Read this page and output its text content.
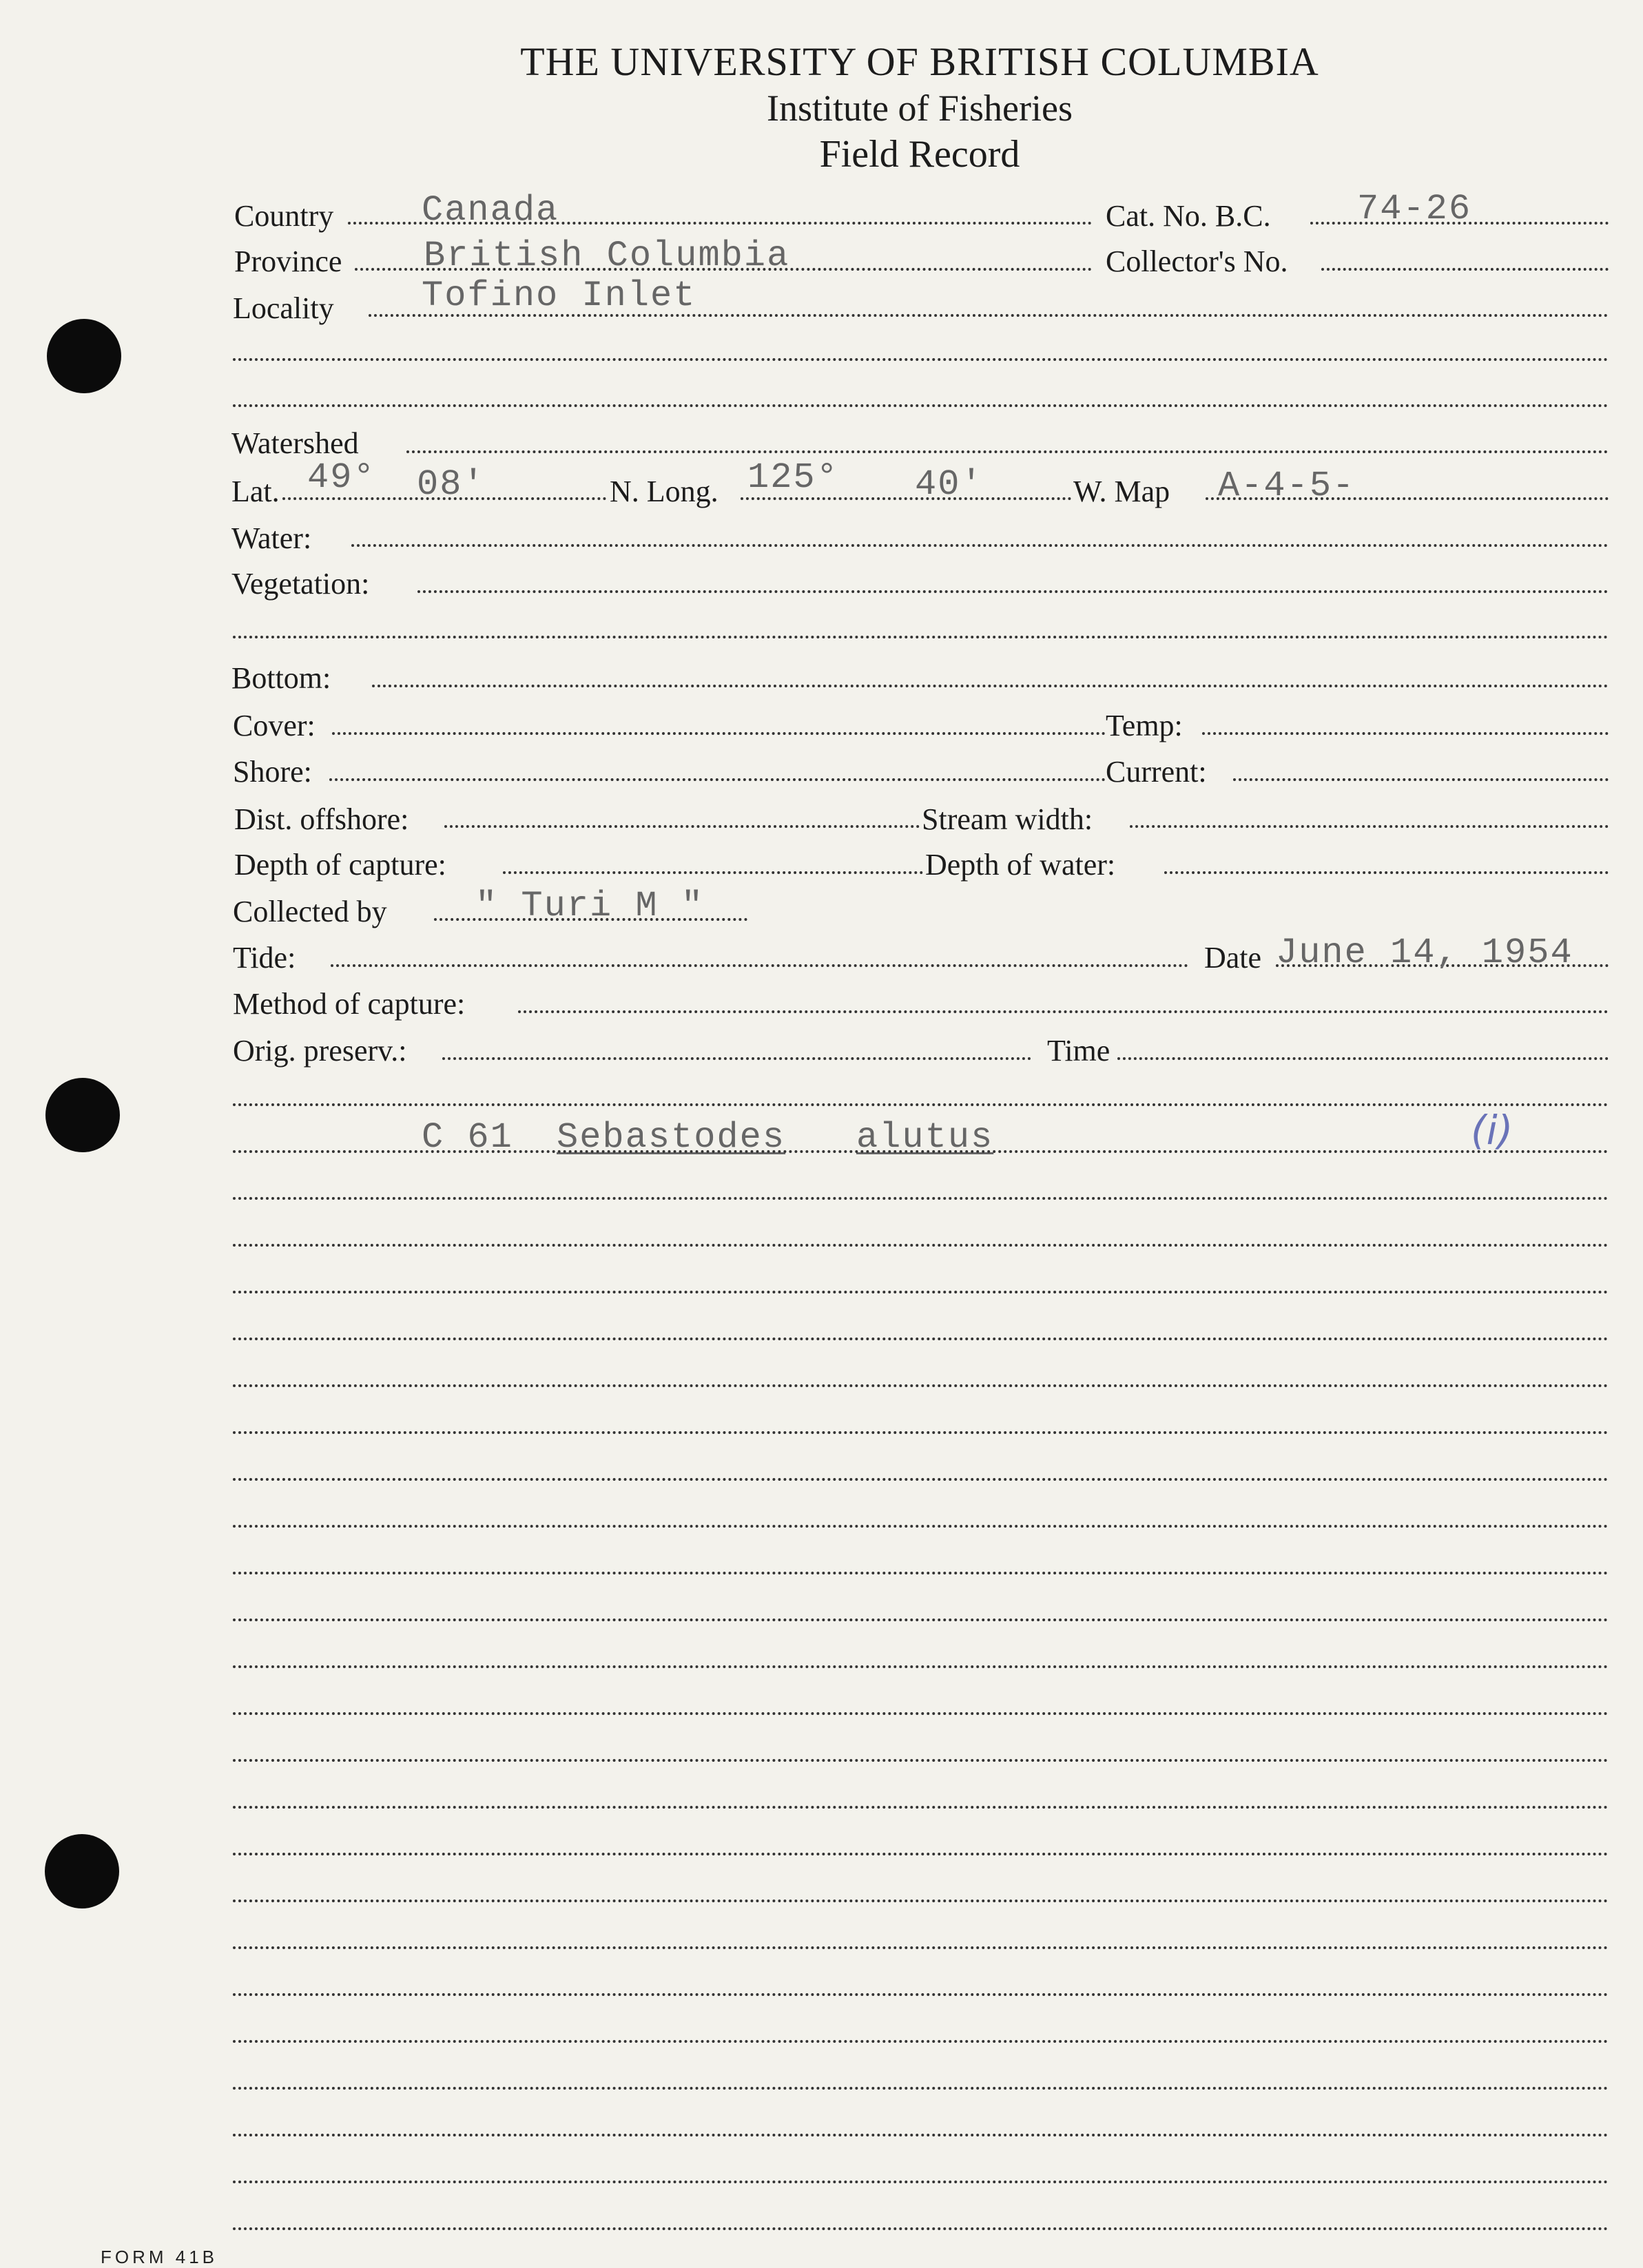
THE UNIVERSITY OF BRITISH COLUMBIA
Institute of Fisheries
Field Record
Country Canada	Cat. No. B.C. 74-26
Province British Columbia	Collector's No.
Locality Tofino Inlet
Watershed
Lat. 49° 08'	N. Long. 125° 40'	W. Map A-4-5-
Water:
Vegetation:
Bottom:
Cover:	Temp:
Shore:	Current:
Dist. offshore:	Stream width:
Depth of capture:	Depth of water:
Collected by " Turi M "
Tide:	Date June 14, 1954
Method of capture:
Orig. preserv.:	Time
C 61 Sebastodes alutus	(i)
FORM 41B
